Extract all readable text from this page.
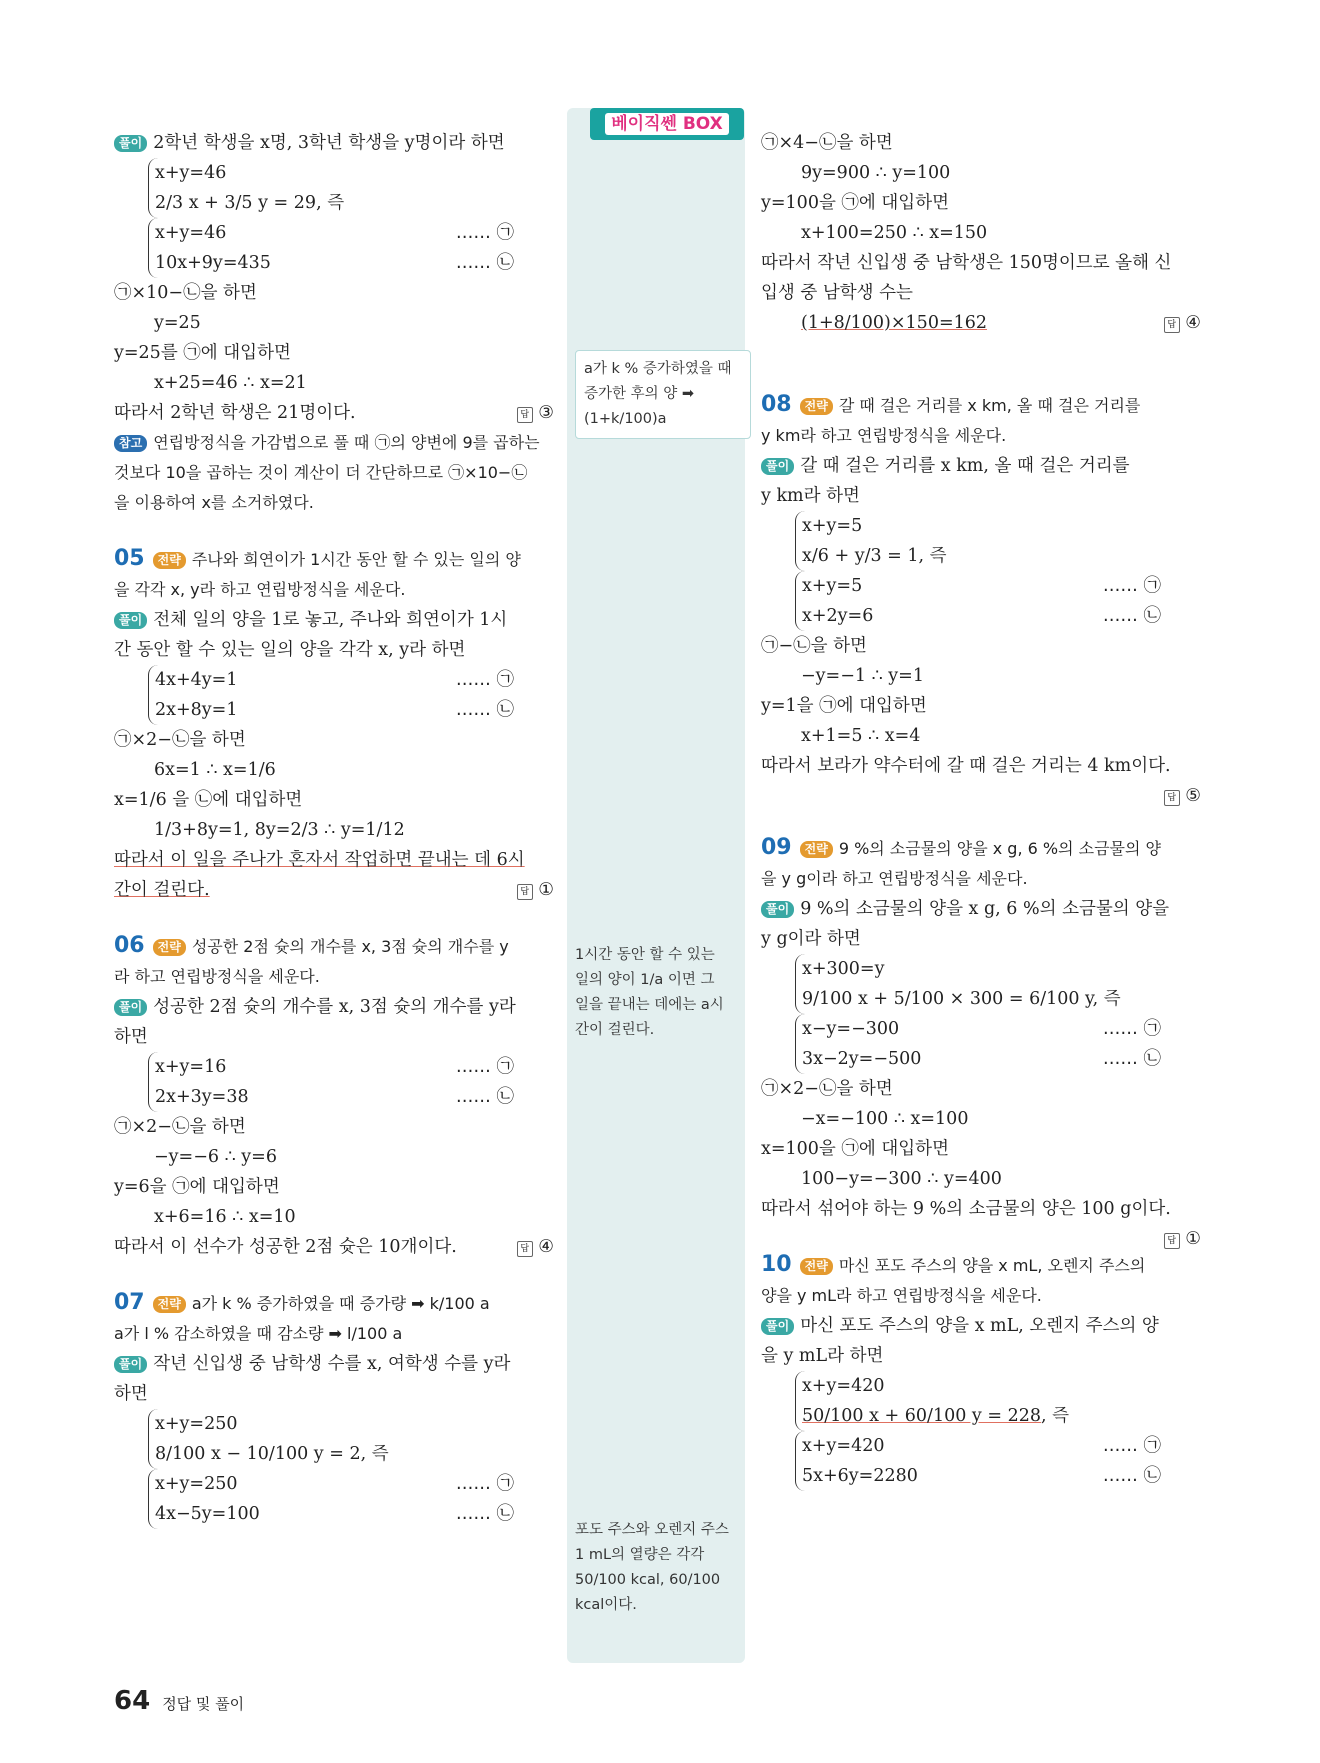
베이직쎈 BOX
a가 k % 증가하였을 때 증가한 후의 양 ➡ (1+k/100)a
1시간 동안 할 수 있는 일의 양이 1/a 이면 그 일을 끝내는 데에는 a시간이 걸린다.
포도 주스와 오렌지 주스 1 mL의 열량은 각각 50/100 kcal, 60/100 kcal이다.
풀이 2학년 학생을 x명, 3학년 학생을 y명이라 하면
x+y=46
2/3 x + 3/5 y = 29, 즉
x+y=46	…… ㉠
10x+9y=435	…… ㉡
㉠×10−㉡을 하면
y=25
y=25를 ㉠에 대입하면
x+25=46 ∴ x=21
따라서 2학년 학생은 21명이다.	답 ③
참고 연립방정식을 가감법으로 풀 때 ㉠의 양변에 9를 곱하는
것보다 10을 곱하는 것이 계산이 더 간단하므로 ㉠×10−㉡
을 이용하여 x를 소거하였다.
05 전략 주나와 희연이가 1시간 동안 할 수 있는 일의 양
을 각각 x, y라 하고 연립방정식을 세운다.
풀이 전체 일의 양을 1로 놓고, 주나와 희연이가 1시
간 동안 할 수 있는 일의 양을 각각 x, y라 하면
4x+4y=1	…… ㉠
2x+8y=1	…… ㉡
㉠×2−㉡을 하면
6x=1 ∴ x=1/6
x=1/6 을 ㉡에 대입하면
1/3+8y=1, 8y=2/3 ∴ y=1/12
따라서 이 일을 주나가 혼자서 작업하면 끝내는 데 6시
간이 걸린다.	답 ①
06 전략 성공한 2점 슛의 개수를 x, 3점 슛의 개수를 y
라 하고 연립방정식을 세운다.
풀이 성공한 2점 슛의 개수를 x, 3점 슛의 개수를 y라
하면
x+y=16	…… ㉠
2x+3y=38	…… ㉡
㉠×2−㉡을 하면
−y=−6 ∴ y=6
y=6을 ㉠에 대입하면
x+6=16 ∴ x=10
따라서 이 선수가 성공한 2점 슛은 10개이다.	답 ④
07 전략 a가 k % 증가하였을 때 증가량 ➡ k/100 a
a가 l % 감소하였을 때 감소량 ➡ l/100 a
풀이 작년 신입생 중 남학생 수를 x, 여학생 수를 y라
하면
x+y=250
8/100 x − 10/100 y = 2, 즉
x+y=250	…… ㉠
4x−5y=100	…… ㉡
㉠×4−㉡을 하면
9y=900 ∴ y=100
y=100을 ㉠에 대입하면
x+100=250 ∴ x=150
따라서 작년 신입생 중 남학생은 150명이므로 올해 신
입생 중 남학생 수는
(1+8/100)×150=162	답 ④
08 전략 갈 때 걸은 거리를 x km, 올 때 걸은 거리를
y km라 하고 연립방정식을 세운다.
풀이 갈 때 걸은 거리를 x km, 올 때 걸은 거리를
y km라 하면
x+y=5
x/6 + y/3 = 1, 즉
x+y=5	…… ㉠
x+2y=6	…… ㉡
㉠−㉡을 하면
−y=−1 ∴ y=1
y=1을 ㉠에 대입하면
x+1=5 ∴ x=4
따라서 보라가 약수터에 갈 때 걸은 거리는 4 km이다.
답 ⑤
09 전략 9 %의 소금물의 양을 x g, 6 %의 소금물의 양
을 y g이라 하고 연립방정식을 세운다.
풀이 9 %의 소금물의 양을 x g, 6 %의 소금물의 양을
y g이라 하면
x+300=y
9/100 x + 5/100 × 300 = 6/100 y, 즉
x−y=−300	…… ㉠
3x−2y=−500	…… ㉡
㉠×2−㉡을 하면
−x=−100 ∴ x=100
x=100을 ㉠에 대입하면
100−y=−300 ∴ y=400
따라서 섞어야 하는 9 %의 소금물의 양은 100 g이다.
답 ①
10 전략 마신 포도 주스의 양을 x mL, 오렌지 주스의
양을 y mL라 하고 연립방정식을 세운다.
풀이 마신 포도 주스의 양을 x mL, 오렌지 주스의 양
을 y mL라 하면
x+y=420
50/100 x + 60/100 y = 228, 즉
x+y=420	…… ㉠
5x+6y=2280	…… ㉡
64 정답 및 풀이
